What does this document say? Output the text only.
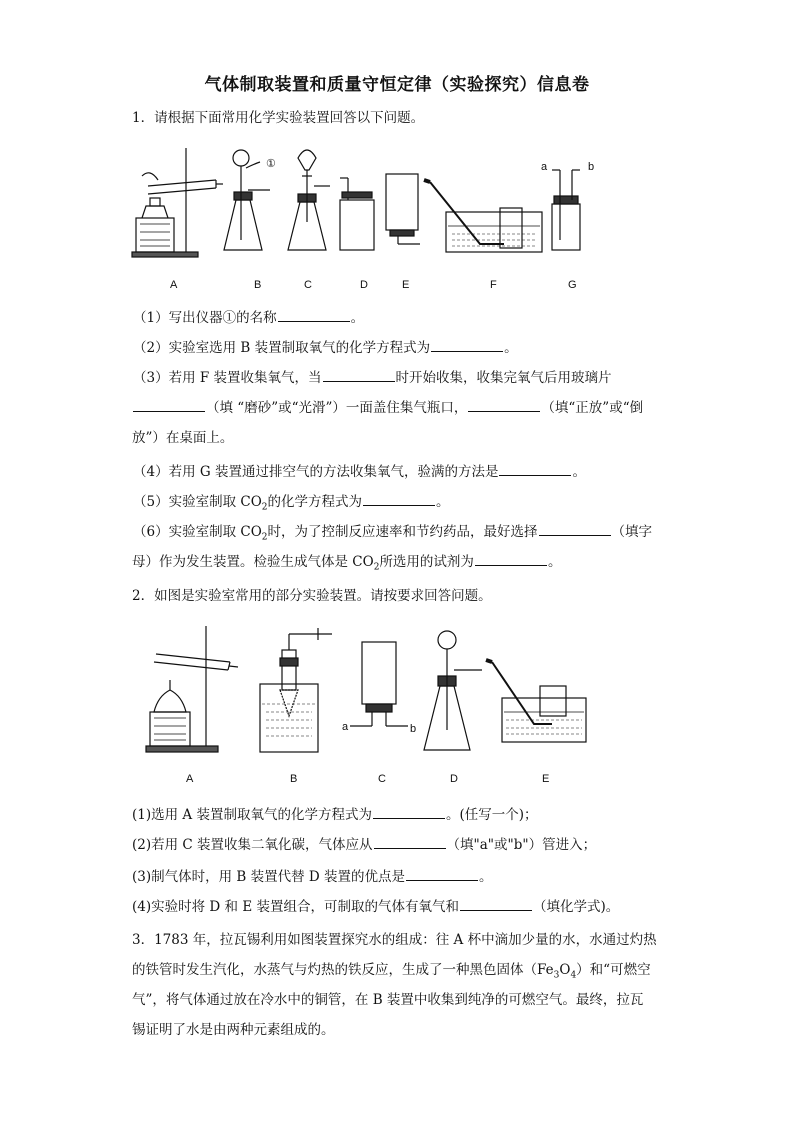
气体制取装置和质量守恒定律（实验探究）信息卷
1．请根据下面常用化学实验装置回答以下问题。
①	a	b
A	B	C	D	E	F	G
（1）写出仪器①的名称	。
（2）实验室选用 B 装置制取氧气的化学方程式为	。
（3）若用 F 装置收集氧气，当	时开始收集，收集完氧气后用玻璃片
（填 “磨砂”或“光滑”）一面盖住集气瓶口，	（填“正放”或“倒
放”）在桌面上。
（4）若用 G 装置通过排空气的方法收集氧气，验满的方法是	。
（5）实验室制取 $CO_2$的化学方程式为	。
（6）实验室制取 $CO_2$时，为了控制反应速率和节约药品，最好选择	（填字
母）作为发生装置。检验生成气体是 $CO_2$所选用的试剂为	。
2．如图是实验室常用的部分实验装置。请按要求回答问题。
a	b
A	B	C	D	E
(1)选用 A 装置制取氧气的化学方程式为	。(任写一个)；
(2)若用 C 装置收集二氧化碳，气体应从	（填"a"或"b"）管进入；
(3)制气体时，用 B 装置代替 D 装置的优点是	。
(4)实验时将 D 和 E 装置组合，可制取的气体有氧气和	（填化学式)。
3．1783 年，拉瓦锡利用如图装置探究水的组成：往 A 杯中滴加少量的水，水通过灼热
的铁管时发生汽化，水蒸气与灼热的铁反应，生成了一种黑色固体$(Fe_3O_4)$和“可燃空
气”，将气体通过放在冷水中的铜管，在 B 装置中收集到纯净的可燃空气。最终，拉瓦
锡证明了水是由两种元素组成的。
